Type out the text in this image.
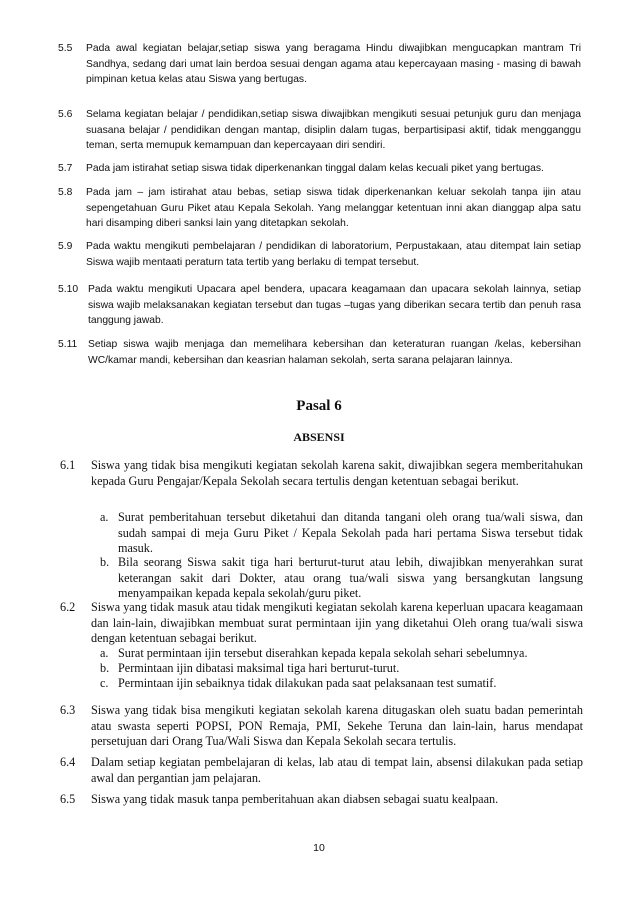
5.5	Pada awal kegiatan belajar,setiap siswa yang beragama Hindu diwajibkan mengucapkan mantram Tri Sandhya, sedang dari umat lain berdoa sesuai dengan agama atau kepercayaan masing - masing di bawah pimpinan ketua kelas atau Siswa yang bertugas.
5.6	Selama kegiatan belajar / pendidikan,setiap siswa diwajibkan mengikuti sesuai petunjuk guru dan menjaga suasana belajar / pendidikan dengan mantap, disiplin dalam tugas, berpartisipasi aktif, tidak mengganggu teman, serta memupuk kemampuan dan kepercayaan diri sendiri.
5.7	Pada jam istirahat setiap siswa tidak diperkenankan tinggal dalam kelas kecuali piket yang bertugas.
5.8	Pada jam – jam istirahat atau bebas, setiap siswa tidak diperkenankan keluar sekolah tanpa ijin atau sepengetahuan Guru Piket atau Kepala Sekolah. Yang melanggar ketentuan inni akan dianggap alpa satu hari disamping diberi sanksi lain yang ditetapkan sekolah.
5.9	Pada waktu mengikuti pembelajaran / pendidikan di laboratorium, Perpustakaan, atau ditempat lain setiap Siswa wajib mentaati peraturn tata tertib yang berlaku di tempat tersebut.
5.10 Pada waktu mengikuti Upacara apel bendera, upacara keagamaan dan upacara sekolah lainnya, setiap siswa wajib melaksanakan kegiatan tersebut dan tugas –tugas yang diberikan secara tertib dan penuh rasa tanggung jawab.
5.11	Setiap siswa wajib menjaga dan memelihara kebersihan dan keteraturan ruangan /kelas, kebersihan WC/kamar mandi, kebersihan dan keasrian halaman sekolah, serta sarana pelajaran lainnya.
Pasal 6
ABSENSI
6.1	Siswa yang tidak bisa mengikuti kegiatan sekolah karena sakit, diwajibkan segera memberitahukan kepada Guru Pengajar/Kepala Sekolah secara tertulis dengan ketentuan sebagai berikut.
a. Surat pemberitahuan tersebut diketahui dan ditanda tangani oleh orang tua/wali siswa, dan sudah sampai di meja Guru Piket / Kepala Sekolah pada hari pertama Siswa tersebut tidak masuk.
b. Bila seorang Siswa sakit tiga hari berturut-turut atau lebih, diwajibkan menyerahkan surat keterangan sakit dari Dokter, atau orang tua/wali siswa yang bersangkutan langsung menyampaikan kepada kepala sekolah/guru piket.
6.2	Siswa yang tidak masuk atau tidak mengikuti kegiatan sekolah karena keperluan upacara keagamaan dan lain-lain, diwajibkan membuat surat permintaan ijin yang diketahui Oleh orang tua/wali siswa dengan ketentuan sebagai berikut.
a. Surat permintaan ijin tersebut diserahkan kepada kepala sekolah sehari sebelumnya.
b. Permintaan ijin dibatasi maksimal tiga hari berturut-turut.
c. Permintaan ijin sebaiknya tidak dilakukan pada saat pelaksanaan test sumatif.
6.3	Siswa yang tidak bisa mengikuti kegiatan sekolah karena ditugaskan oleh suatu badan pemerintah atau swasta seperti POPSI, PON Remaja, PMI, Sekehe Teruna dan lain-lain, harus mendapat persetujuan dari Orang Tua/Wali Siswa dan Kepala Sekolah secara tertulis.
6.4	Dalam setiap kegiatan pembelajaran di kelas, lab atau di tempat lain, absensi dilakukan pada setiap awal dan pergantian jam pelajaran.
6.5	Siswa yang tidak masuk tanpa pemberitahuan akan diabsen sebagai suatu kealpaan.
10
